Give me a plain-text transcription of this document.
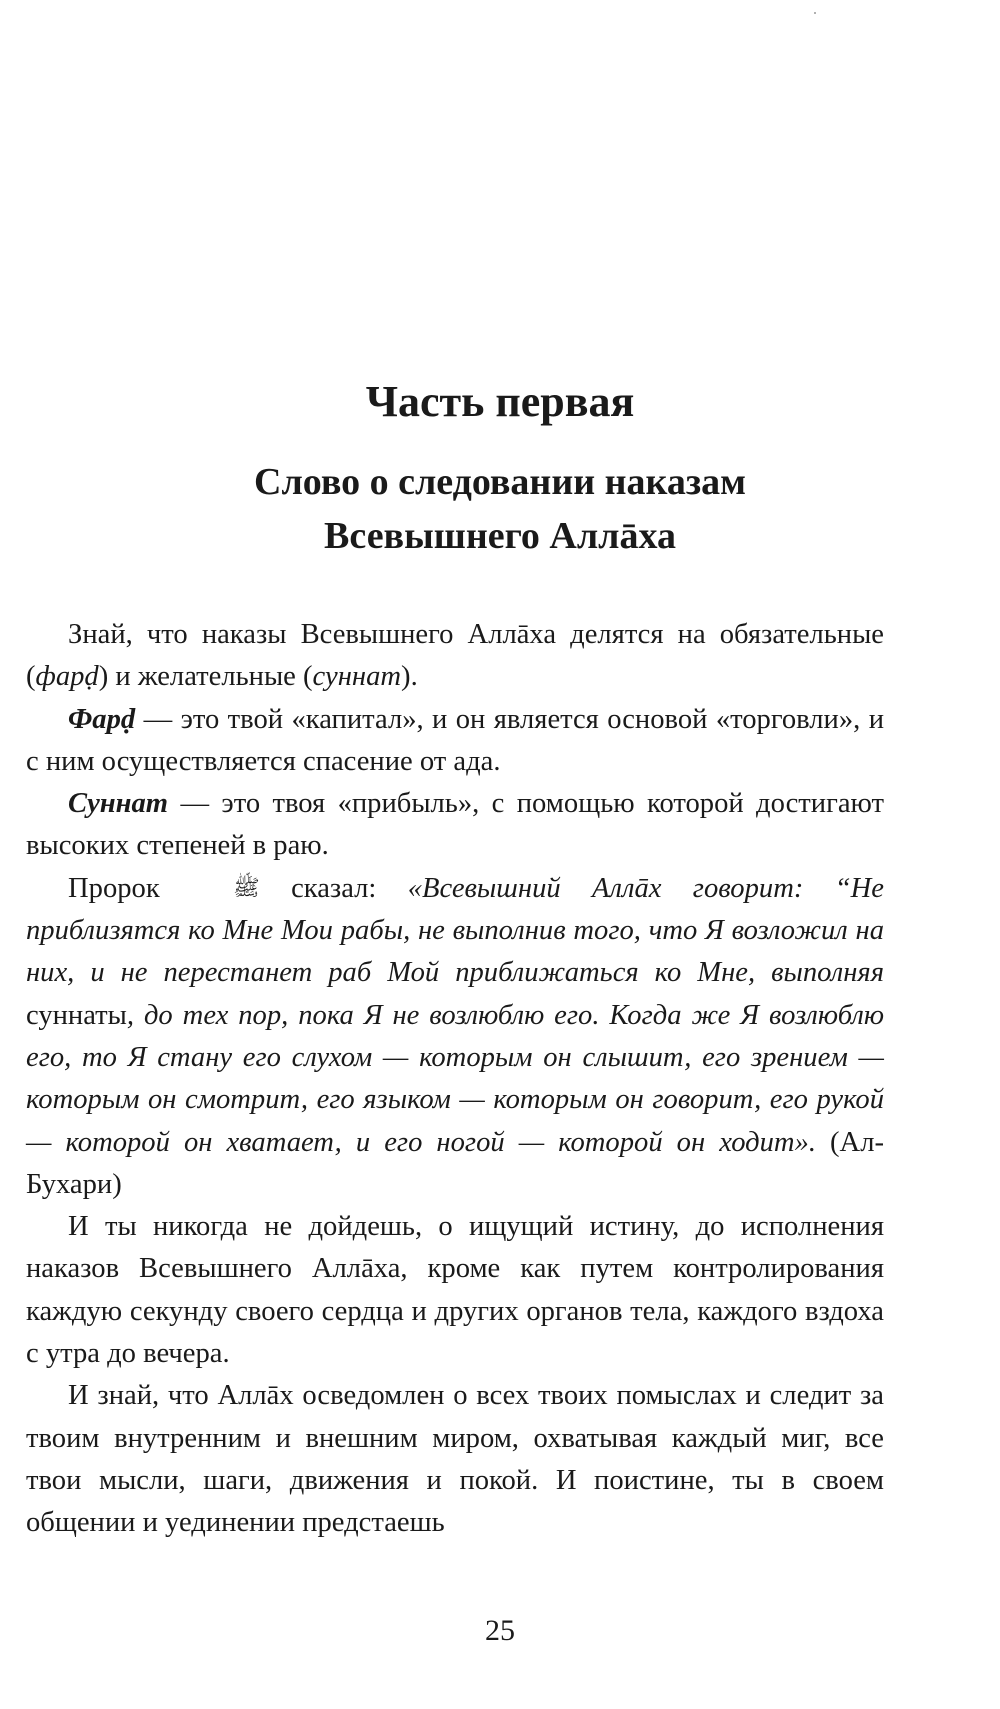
Часть первая
Слово о следовании наказам
Всевышнего Аллāха

Знай, что наказы Всевышнего Аллāха делятся на обязательные (фарḍ) и желательные (суннат).

Фарḍ — это твой «капитал», и он является основой «торговли», и с ним осуществляется спасение от ада.

Суннат — это твоя «прибыль», с помощью которой достигают высоких степеней в раю.

Пророк ﷺ сказал: «Всевышний Аллāх говорит: “Не приблизятся ко Мне Мои рабы, не выполнив того, что Я возложил на них, и не перестанет раб Мой приближаться ко Мне, выполняя суннаты, до тех пор, пока Я не возлюблю его. Когда же Я возлюблю его, то Я стану его слухом — которым он слышит, его зрением — которым он смотрит, его языком — которым он говорит, его рукой — которой он хватает, и его ногой — которой он ходит». (Ал-Бухари)

И ты никогда не дойдешь, о ищущий истину, до исполнения наказов Всевышнего Аллāха, кроме как путем контролирования каждую секунду своего сердца и других органов тела, каждого вздоха с утра до вечера.

И знай, что Аллāх осведомлен о всех твоих помыслах и следит за твоим внутренним и внешним миром, охватывая каждый миг, все твои мысли, шаги, движения и покой. И поистине, ты в своем общении и уединении предстаешь

25
